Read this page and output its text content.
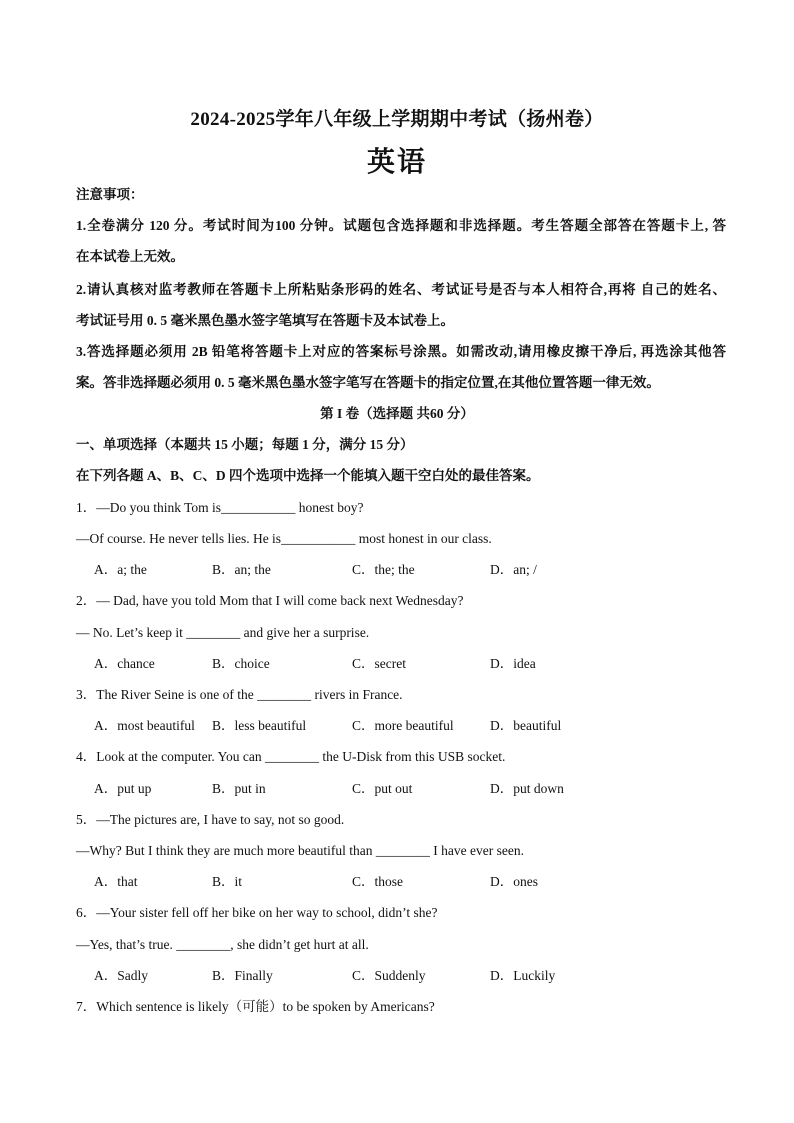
2024-2025学年八年级上学期期中考试（扬州卷）
英语
注意事项：
1.全卷满分 120 分。考试时间为100 分钟。试题包含选择题和非选择题。考生答题全部答在答题卡上, 答
在本试卷上无效。
2.请认真核对监考教师在答题卡上所粘贴条形码的姓名、考试证号是否与本人相符合,再将 自己的姓名、
考试证号用 0. 5 毫米黑色墨水签字笔填写在答题卡及本试卷上。
3.答选择题必须用 2B 铅笔将答题卡上对应的答案标号涂黑。如需改动,请用橡皮擦干净后, 再选涂其他答
案。答非选择题必须用 0. 5 毫米黑色墨水签字笔写在答题卡的指定位置,在其他位置答题一律无效。
第 I 卷（选择题 共60 分）
一、单项选择（本题共 15 小题；每题 1 分，满分 15 分）
在下列各题 A、B、C、D 四个选项中选择一个能填入题干空白处的最佳答案。
1．—Do you think Tom is___________ honest boy?
—Of course. He never tells lies. He is___________ most honest in our class.
A．a; the	B．an; the	C．the; the	D．an; /
2．— Dad, have you told Mom that I will come back next Wednesday?
— No. Let’s keep it ________ and give her a surprise.
A．chance	B．choice	C．secret	D．idea
3．The River Seine is one of the ________ rivers in France.
A．most beautiful B．less beautiful	C．more beautiful	D．beautiful
4．Look at the computer. You can ________ the U-Disk from this USB socket.
A．put up	B．put in	C．put out	D．put down
5．—The pictures are, I have to say, not so good.
—Why? But I think they are much more beautiful than ________ I have ever seen.
A．that	B．it	C．those	D．ones
6．—Your sister fell off her bike on her way to school, didn’t she?
—Yes, that’s true. ________, she didn’t get hurt at all.
A．Sadly	B．Finally	C．Suddenly	D．Luckily
7．Which sentence is likely（可能）to be spoken by Americans?
